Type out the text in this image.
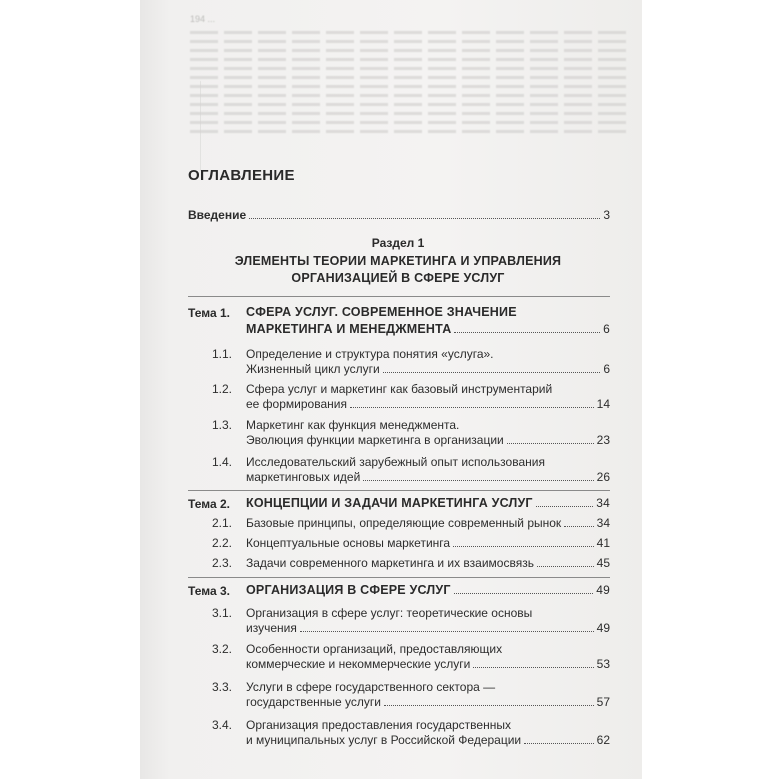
194 ...
ОГЛАВЛЕНИЕ
Введение	3
Раздел 1
ЭЛЕМЕНТЫ ТЕОРИИ МАРКЕТИНГА И УПРАВЛЕНИЯ
ОРГАНИЗАЦИЕЙ В СФЕРЕ УСЛУГ
Тема 1. СФЕРА УСЛУГ. СОВРЕМЕННОЕ ЗНАЧЕНИЕ
МАРКЕТИНГА И МЕНЕДЖМЕНТА	6
1.1. Определение и структура понятия «услуга».
Жизненный цикл услуги	6
1.2. Сфера услуг и маркетинг как базовый инструментарий
ее формирования	14
1.3. Маркетинг как функция менеджмента.
Эволюция функции маркетинга в организации	23
1.4. Исследовательский зарубежный опыт использования
маркетинговых идей	26
Тема 2. КОНЦЕПЦИИ И ЗАДАЧИ МАРКЕТИНГА УСЛУГ	34
2.1. Базовые принципы, определяющие современный рынок	34
2.2. Концептуальные основы маркетинга	41
2.3. Задачи современного маркетинга и их взаимосвязь	45
Тема 3. ОРГАНИЗАЦИЯ В СФЕРЕ УСЛУГ	49
3.1. Организация в сфере услуг: теоретические основы
изучения	49
3.2. Особенности организаций, предоставляющих
коммерческие и некоммерческие услуги	53
3.3. Услуги в сфере государственного сектора —
государственные услуги	57
3.4. Организация предоставления государственных
и муниципальных услуг в Российской Федерации	62
